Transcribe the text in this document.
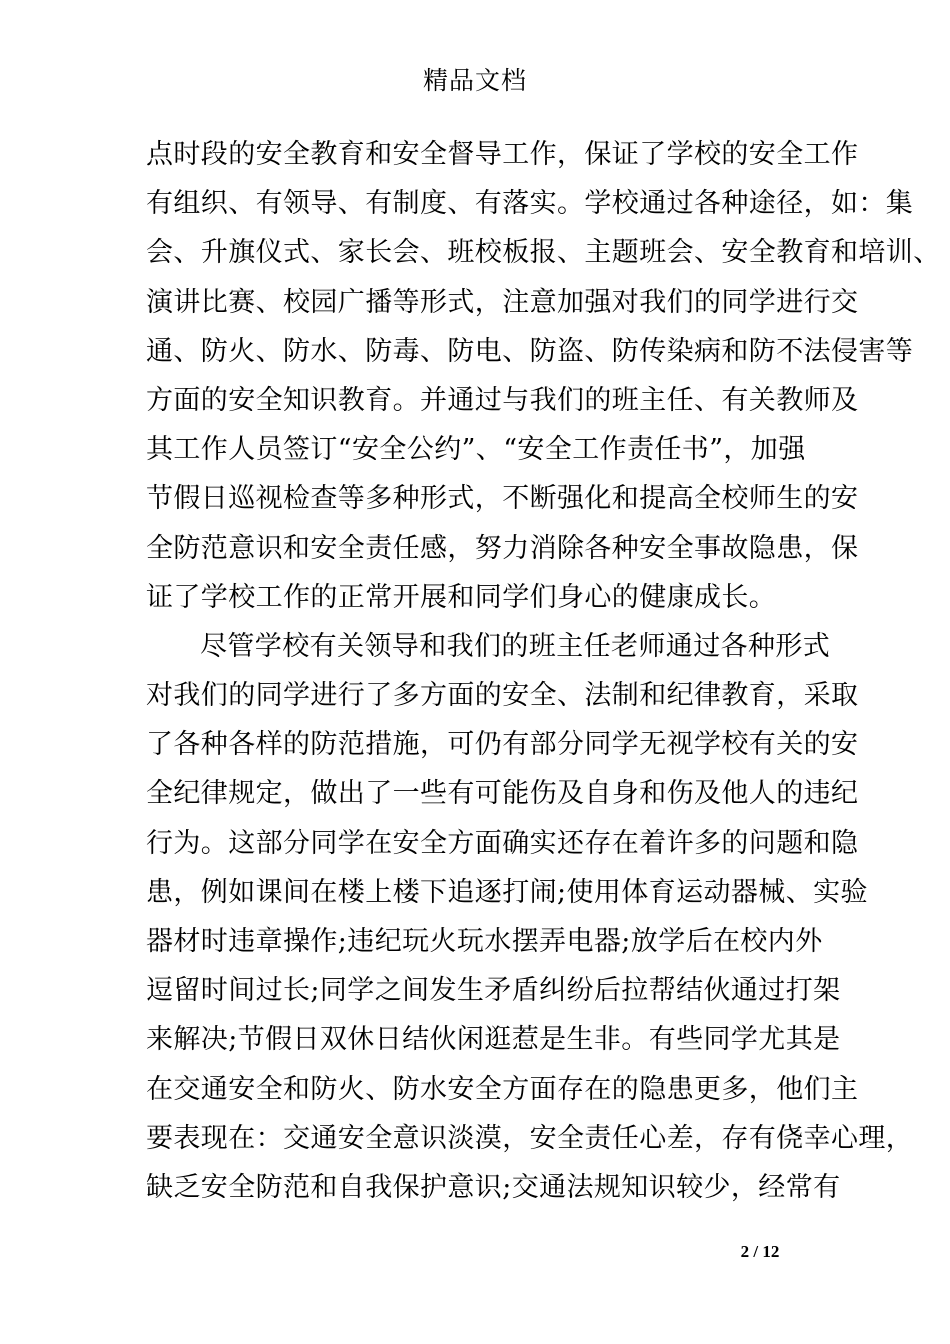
精品文档
点时段的安全教育和安全督导工作，保证了学校的安全工作
有组织、有领导、有制度、有落实。学校通过各种途径，如：集
会、升旗仪式、家长会、班校板报、主题班会、安全教育和培训、
演讲比赛、校园广播等形式，注意加强对我们的同学进行交
通、防火、防水、防毒、防电、防盗、防传染病和防不法侵害等
方面的安全知识教育。并通过与我们的班主任、有关教师及
其工作人员签订“安全公约”、“安全工作责任书”，加强
节假日巡视检查等多种形式，不断强化和提高全校师生的安
全防范意识和安全责任感，努力消除各种安全事故隐患，保
证了学校工作的正常开展和同学们身心的健康成长。
尽管学校有关领导和我们的班主任老师通过各种形式
对我们的同学进行了多方面的安全、法制和纪律教育，采取
了各种各样的防范措施，可仍有部分同学无视学校有关的安
全纪律规定，做出了一些有可能伤及自身和伤及他人的违纪
行为。这部分同学在安全方面确实还存在着许多的问题和隐
患，例如课间在楼上楼下追逐打闹;使用体育运动器械、实验
器材时违章操作;违纪玩火玩水摆弄电器;放学后在校内外
逗留时间过长;同学之间发生矛盾纠纷后拉帮结伙通过打架
来解决;节假日双休日结伙闲逛惹是生非。有些同学尤其是
在交通安全和防火、防水安全方面存在的隐患更多，他们主
要表现在：交通安全意识淡漠，安全责任心差，存有侥幸心理，
缺乏安全防范和自我保护意识;交通法规知识较少，经常有
2 / 12
